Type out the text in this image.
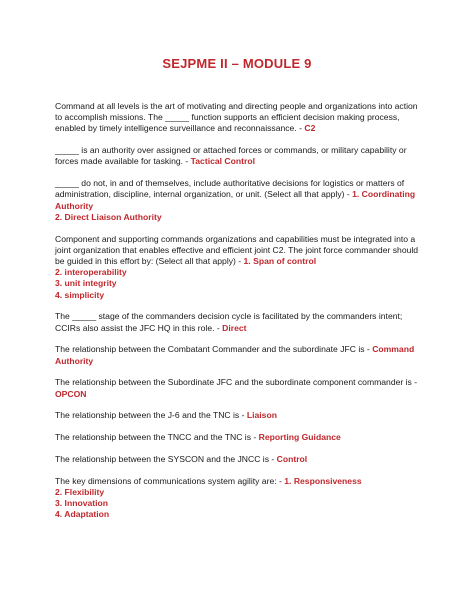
SEJPME II – MODULE 9

Command at all levels is the art of motivating and directing people and organizations into action to accomplish missions. The _____ function supports an efficient decision making process, enabled by timely intelligence surveillance and reconnaissance. - C2

_____ is an authority over assigned or attached forces or commands, or military capability or forces made available for tasking. - Tactical Control

_____ do not, in and of themselves, include authoritative decisions for logistics or matters of administration, discipline, internal organization, or unit. (Select all that apply) - 1. Coordinating Authority
2. Direct Liaison Authority

Component and supporting commands organizations and capabilities must be integrated into a joint organization that enables effective and efficient joint C2. The joint force commander should be guided in this effort by: (Select all that apply) - 1. Span of control
2. interoperability
3. unit integrity
4. simplicity

The _____ stage of the commanders decision cycle is facilitated by the commanders intent; CCIRs also assist the JFC HQ in this role. - Direct

The relationship between the Combatant Commander and the subordinate JFC is - Command Authority

The relationship between the Subordinate JFC and the subordinate component commander is - OPCON

The relationship between the J-6 and the TNC is - Liaison

The relationship between the TNCC and the TNC is - Reporting Guidance

The relationship between the SYSCON and the JNCC is - Control

The key dimensions of communications system agility are: - 1. Responsiveness
2. Flexibility
3. Innovation
4. Adaptation
